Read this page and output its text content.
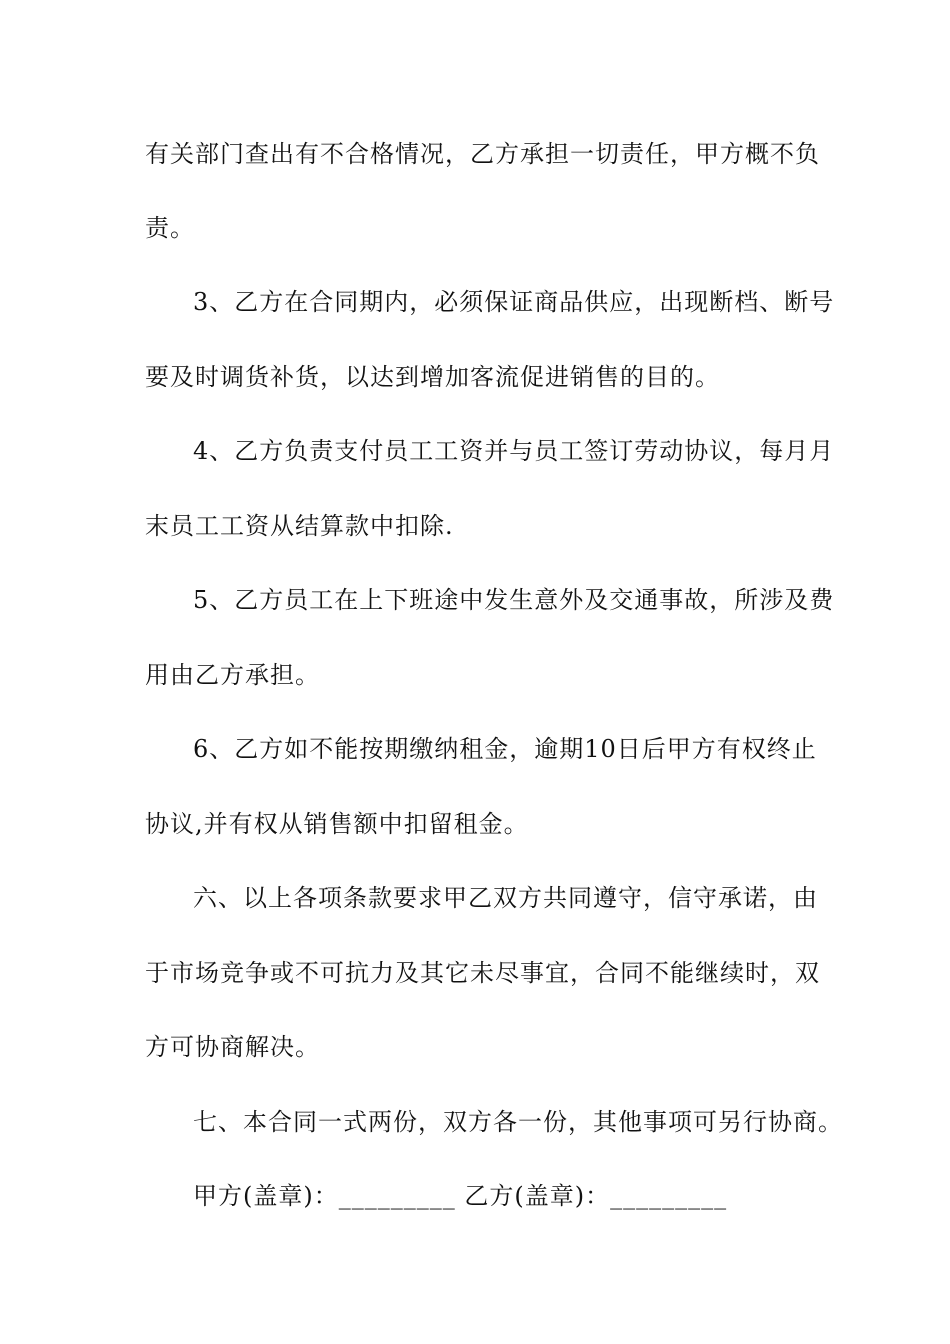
有关部门查出有不合格情况，乙方承担一切责任，甲方概不负
责。
3、乙方在合同期内，必须保证商品供应，出现断档、断号
要及时调货补货，以达到增加客流促进销售的目的。
4、乙方负责支付员工工资并与员工签订劳动协议，每月月
末员工工资从结算款中扣除.
5、乙方员工在上下班途中发生意外及交通事故，所涉及费
用由乙方承担。
6、乙方如不能按期缴纳租金，逾期10日后甲方有权终止
协议,并有权从销售额中扣留租金。
六、以上各项条款要求甲乙双方共同遵守，信守承诺，由
于市场竞争或不可抗力及其它未尽事宜，合同不能继续时，双
方可协商解决。
七、本合同一式两份，双方各一份，其他事项可另行协商。
甲方(盖章)：_________ 乙方(盖章)：_________
